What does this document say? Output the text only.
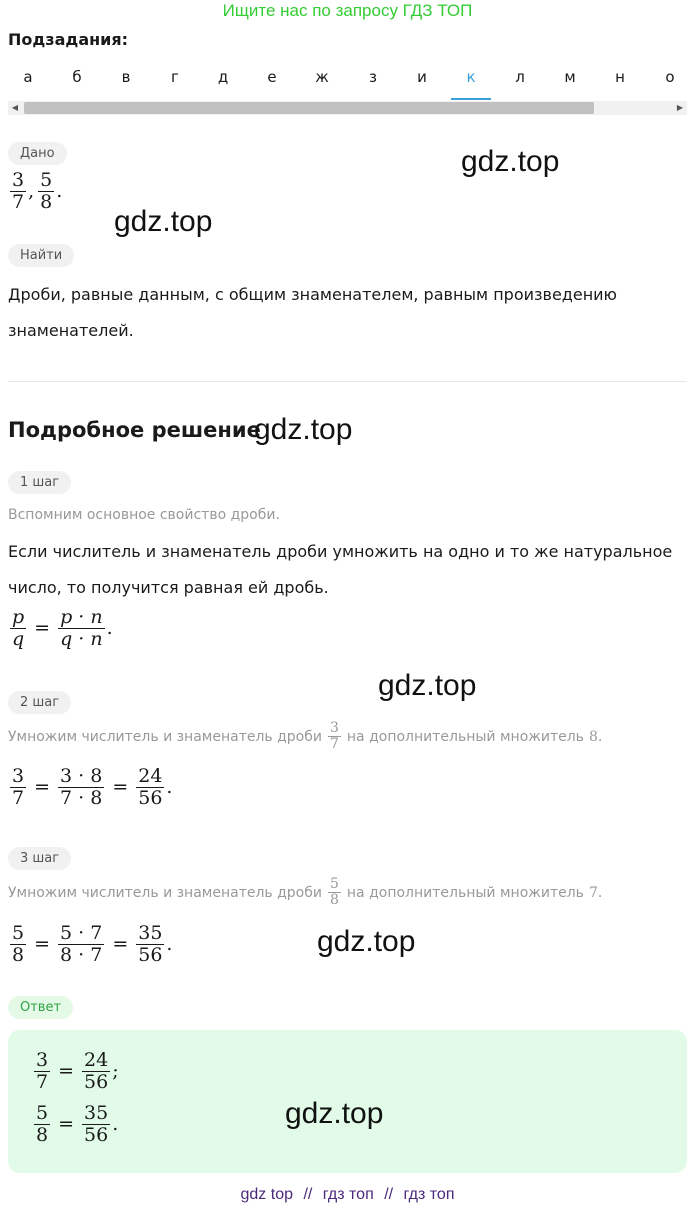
Ищите нас по запросу ГДЗ ТОП
Подзадания:
а	б	в	г	д	е	ж	з	и	к	л	м	н	о
◀	▶
Дано
$\frac{3}{7}$ , $\frac{5}{8}$ .
Найти
Дроби, равные данным, с общим знаменателем, равным произведению
знаменателей.
Подробное решение
1 шаг
Вспомним основное свойство дроби.
Если числитель и знаменатель дроби умножить на одно и то же натуральное
число, то получится равная ей дробь.
$\frac{p}{q} = \frac{p \cdot n}{q \cdot n}$ .
2 шаг
Умножим числитель и знаменатель дроби $\frac{3}{7}$ на дополнительный множитель 8.
$\frac{3}{7} = \frac{3 \cdot 8}{7 \cdot 8} = \frac{24}{56}$ .
3 шаг
Умножим числитель и знаменатель дроби $\frac{5}{8}$ на дополнительный множитель 7.
$\frac{5}{8} = \frac{5 \cdot 7}{8 \cdot 7} = \frac{35}{56}$ .
Ответ
$\frac{3}{7} = \frac{24}{56}$ ;
$\frac{5}{8} = \frac{35}{56}$ .
gdz.top
gdz.top
gdz.top
gdz.top
gdz.top
gdz.top
gdz top // гдз топ // гдз топ
